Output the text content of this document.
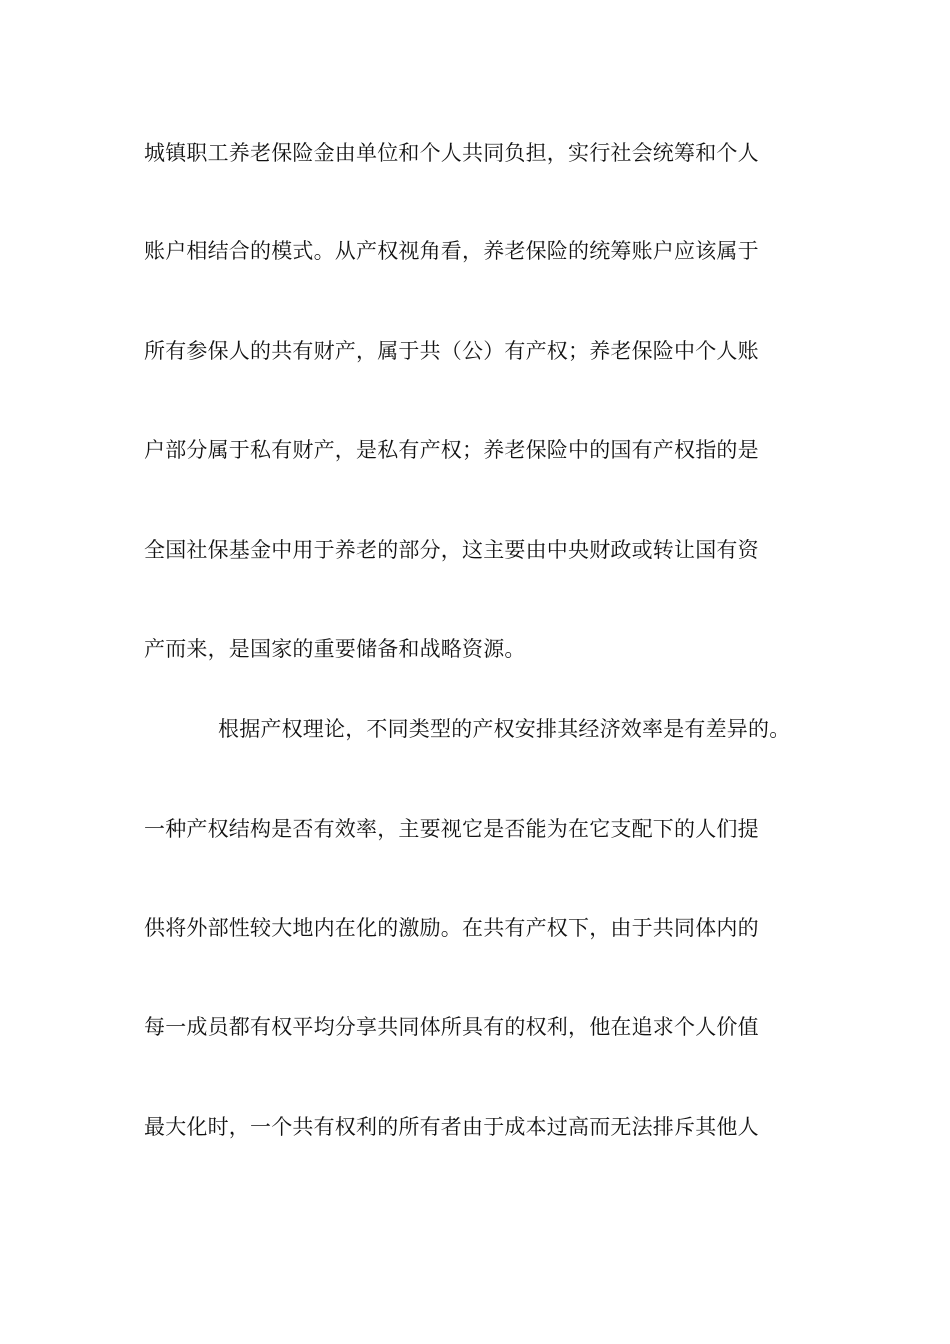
城镇职工养老保险金由单位和个人共同负担，实行社会统筹和个人
账户相结合的模式。从产权视角看，养老保险的统筹账户应该属于
所有参保人的共有财产，属于共（公）有产权；养老保险中个人账
户部分属于私有财产，是私有产权；养老保险中的国有产权指的是
全国社保基金中用于养老的部分，这主要由中央财政或转让国有资
产而来，是国家的重要储备和战略资源。
根据产权理论，不同类型的产权安排其经济效率是有差异的。
一种产权结构是否有效率，主要视它是否能为在它支配下的人们提
供将外部性较大地内在化的激励。在共有产权下，由于共同体内的
每一成员都有权平均分享共同体所具有的权利，他在追求个人价值
最大化时，一个共有权利的所有者由于成本过高而无法排斥其他人
